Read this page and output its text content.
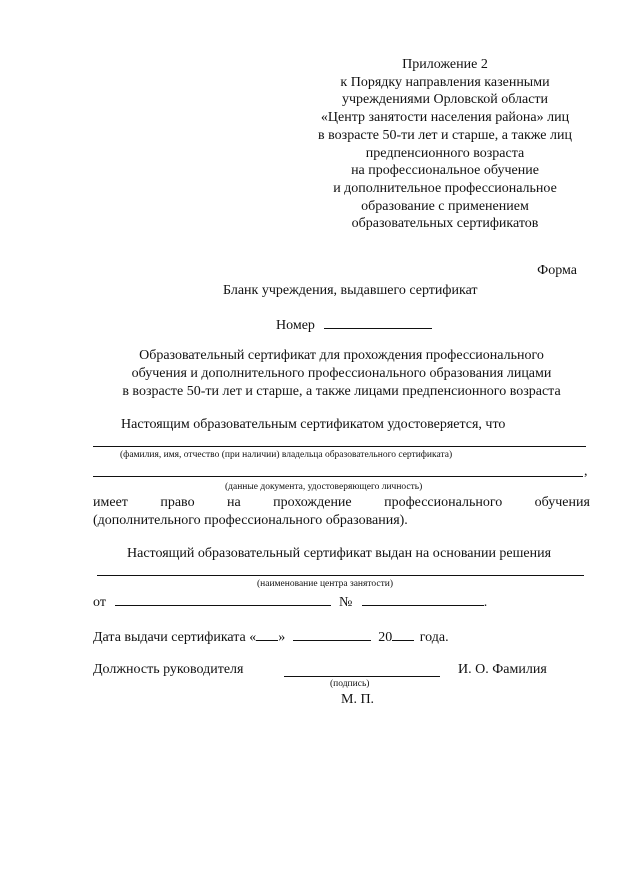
Приложение 2
к Порядку направления казенными
учреждениями Орловской области
«Центр занятости населения района» лиц
в возрасте 50-ти лет и старше, а также лиц
предпенсионного возраста
на профессиональное обучение
и дополнительное профессиональное
образование с применением
образовательных сертификатов
Форма
Бланк учреждения, выдавшего сертификат
Номер
Образовательный сертификат для прохождения профессионального
обучения и дополнительного профессионального образования лицами
в возрасте 50-ти лет и старше, а также лицами предпенсионного возраста
Настоящим образовательным сертификатом удостоверяется, что
(фамилия, имя, отчество (при наличии) владельца образовательного сертификата)
,
(данные документа, удостоверяющего личность)
имеет право на прохождение профессионального обучения
(дополнительного профессионального образования).
Настоящий образовательный сертификат выдан на основании решения
(наименование центра занятости)
от	№	.
Дата выдачи сертификата « »	20 года.
Должность руководителя	И. О. Фамилия
(подпись)
М. П.
